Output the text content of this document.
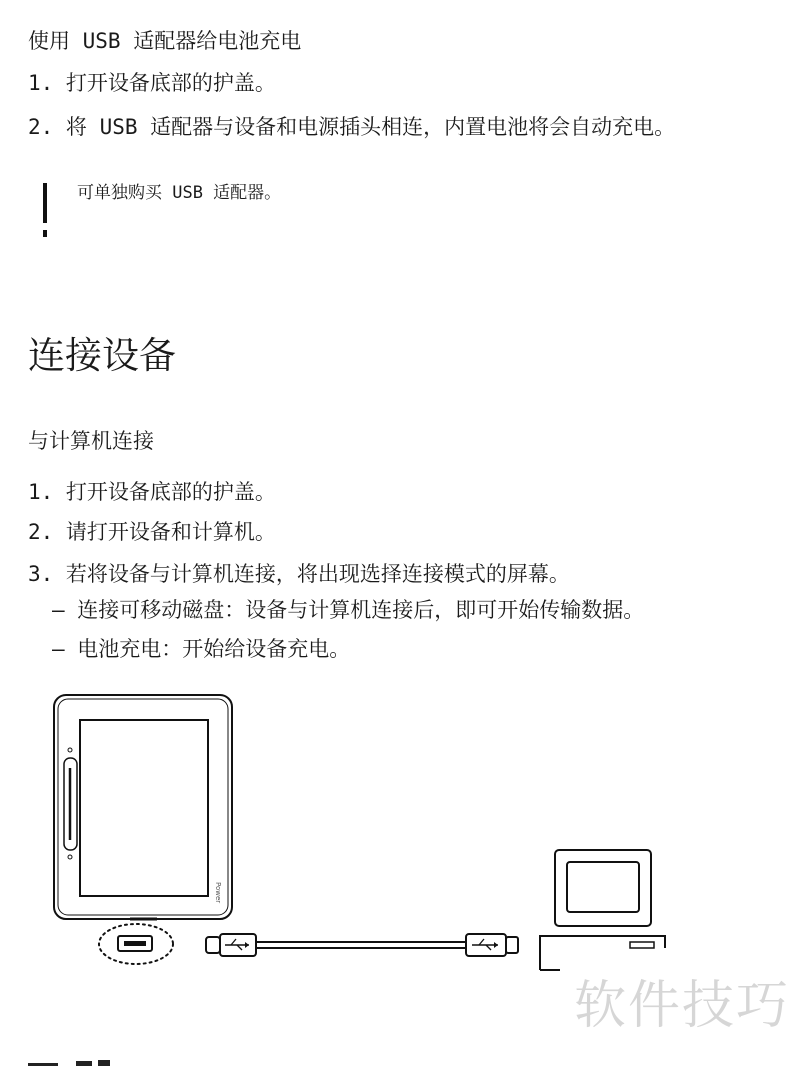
使用 USB 适配器给电池充电
1. 打开设备底部的护盖。
2. 将 USB 适配器与设备和电源插头相连，内置电池将会自动充电。
可单独购买 USB 适配器。
连接设备
与计算机连接
1. 打开设备底部的护盖。
2. 请打开设备和计算机。
3. 若将设备与计算机连接，将出现选择连接模式的屏幕。
– 连接可移动磁盘：设备与计算机连接后，即可开始传输数据。
– 电池充电：开始给设备充电。
Power
软件技巧
